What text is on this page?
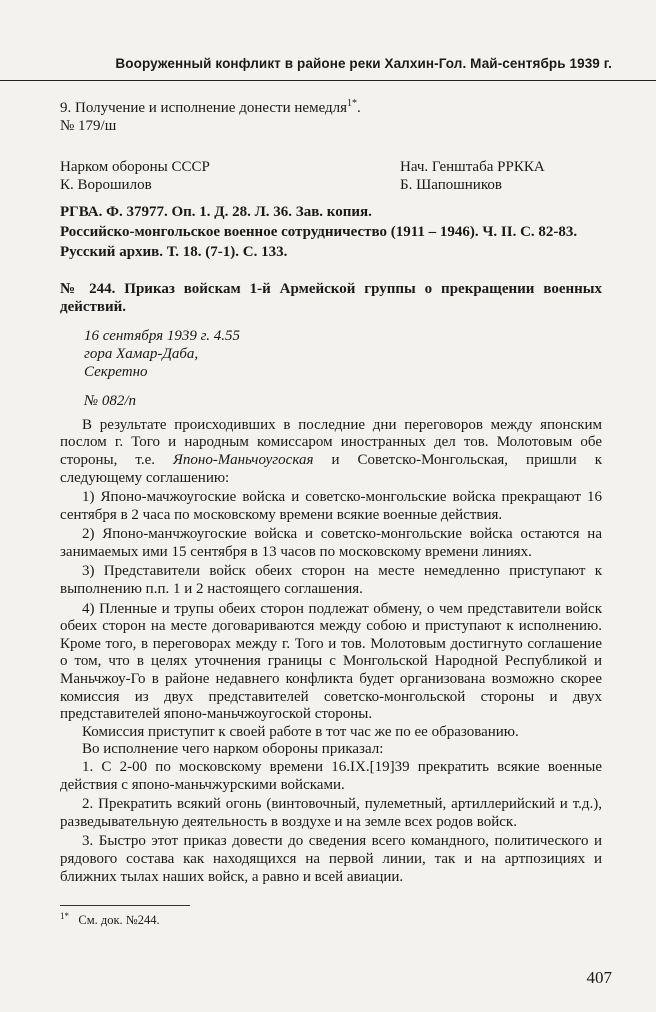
Вооруженный конфликт в районе реки Халхин-Гол. Май-сентябрь 1939 г.

9. Получение и исполнение донести немедля$^{1*}$.

№ 179/ш

Нарком обороны СССР

К. Ворошилов

Нач. Генштаба РРККА

Б. Шапошников

РГВА. Ф. 37977. Оп. 1. Д. 28. Л. 36. Зав. копия.

Российско-монгольское военное сотрудничество (1911 – 1946). Ч. II. С. 82-83.

Русский архив. Т. 18. (7-1). С. 133.

№ 244. Приказ войскам 1-й Армейской группы о прекращении военных действий.

16 сентября 1939 г. 4.55

гора Хамар-Даба,

Секретно

№ 082/п

В результате происходивших в последние дни переговоров между японским послом г. Того и народным комиссаром иностранных дел тов. Молотовым обе стороны, т.е. Японо-Маньчоугоская и Советско-Монгольская, пришли к следующему соглашению:

1) Японо-мачжоугоские войска и советско-монгольские войска прекращают 16 сентября в 2 часа по московскому времени всякие военные действия.

2) Японо-манчжоугоские войска и советско-монгольские войска остаются на занимаемых ими 15 сентября в 13 часов по московскому времени линиях.

3) Представители войск обеих сторон на месте немедленно приступают к выполнению п.п. 1 и 2 настоящего соглашения.

4) Пленные и трупы обеих сторон подлежат обмену, о чем представители войск обеих сторон на месте договариваются между собою и приступают к исполнению. Кроме того, в переговорах между г. Того и тов. Молотовым достигнуто соглашение о том, что в целях уточнения границы с Монгольской Народной Республикой и Маньчжоу-Го в районе недавнего конфликта будет организована возможно скорее комиссия из двух представителей советско-монгольской стороны и двух представителей японо-маньчжоугоской стороны.

Комиссия приступит к своей работе в тот час же по ее образованию.

Во исполнение чего нарком обороны приказал:

1. С 2-00 по московскому времени 16.IX.[19]39 прекратить всякие военные действия с японо-маньчжурскими войсками.

2. Прекратить всякий огонь (винтовочный, пулеметный, артиллерийский и т.д.), разведывательную деятельность в воздухе и на земле всех родов войск.

3. Быстро этот приказ довести до сведения всего командного, политического и рядового состава как находящихся на первой линии, так и на артпозициях и ближних тылах наших войск, а равно и всей авиации.

$^{1*}$ См. док. №244.
407
